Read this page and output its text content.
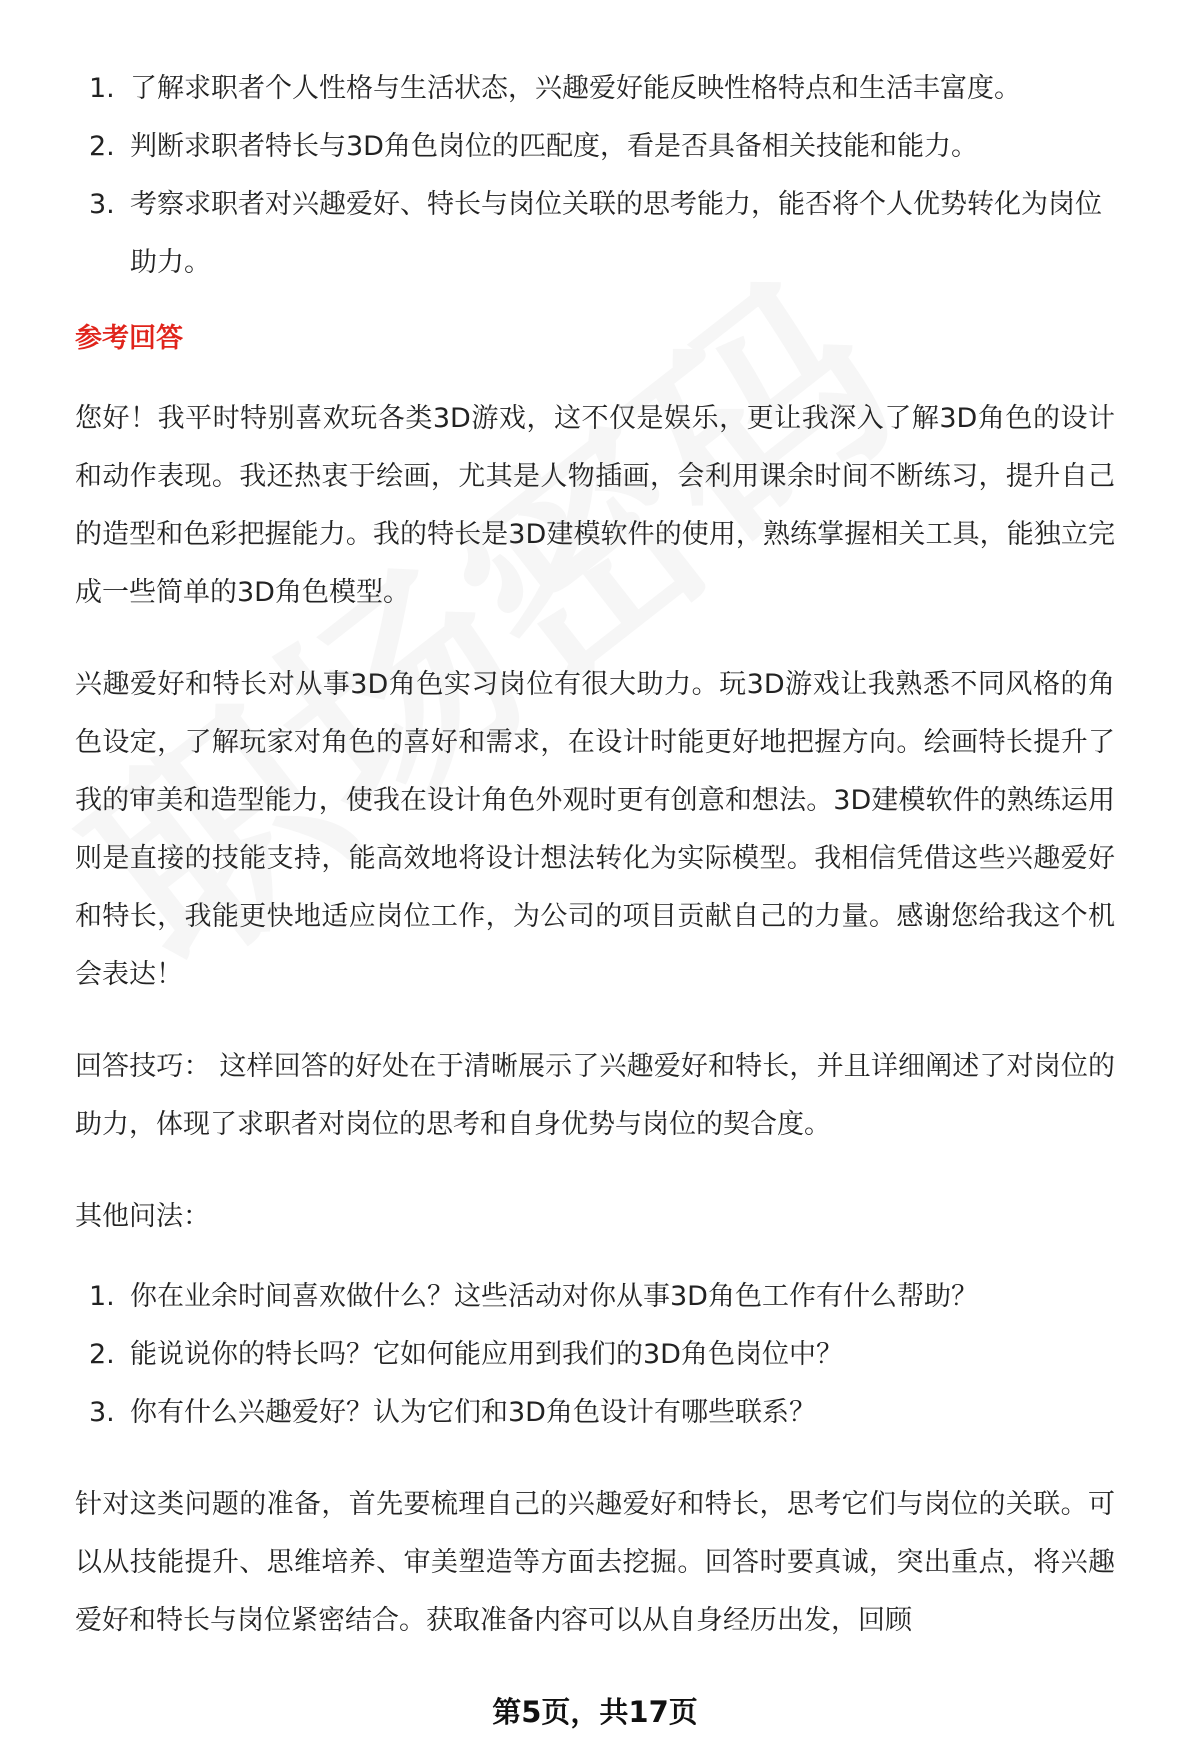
1. 了解求职者个人性格与生活状态，兴趣爱好能反映性格特点和生活丰富度。
2. 判断求职者特长与3D角色岗位的匹配度，看是否具备相关技能和能力。
3. 考察求职者对兴趣爱好、特长与岗位关联的思考能力，能否将个人优势转化为岗位助力。
参考回答

您好！我平时特别喜欢玩各类3D游戏，这不仅是娱乐，更让我深入了解3D角色的设计和动作表现。我还热衷于绘画，尤其是人物插画，会利用课余时间不断练习，提升自己的造型和色彩把握能力。我的特长是3D建模软件的使用，熟练掌握相关工具，能独立完成一些简单的3D角色模型。

兴趣爱好和特长对从事3D角色实习岗位有很大助力。玩3D游戏让我熟悉不同风格的角色设定，了解玩家对角色的喜好和需求，在设计时能更好地把握方向。绘画特长提升了我的审美和造型能力，使我在设计角色外观时更有创意和想法。3D建模软件的熟练运用则是直接的技能支持，能高效地将设计想法转化为实际模型。我相信凭借这些兴趣爱好和特长，我能更快地适应岗位工作，为公司的项目贡献自己的力量。感谢您给我这个机会表达！

回答技巧： 这样回答的好处在于清晰展示了兴趣爱好和特长，并且详细阐述了对岗位的助力，体现了求职者对岗位的思考和自身优势与岗位的契合度。

其他问法：

1. 你在业余时间喜欢做什么？这些活动对你从事3D角色工作有什么帮助？
2. 能说说你的特长吗？它如何能应用到我们的3D角色岗位中？
3. 你有什么兴趣爱好？认为它们和3D角色设计有哪些联系？

针对这类问题的准备，首先要梳理自己的兴趣爱好和特长，思考它们与岗位的关联。可以从技能提升、思维培养、审美塑造等方面去挖掘。回答时要真诚，突出重点，将兴趣爱好和特长与岗位紧密结合。获取准备内容可以从自身经历出发，回顾

第5页，共17页
